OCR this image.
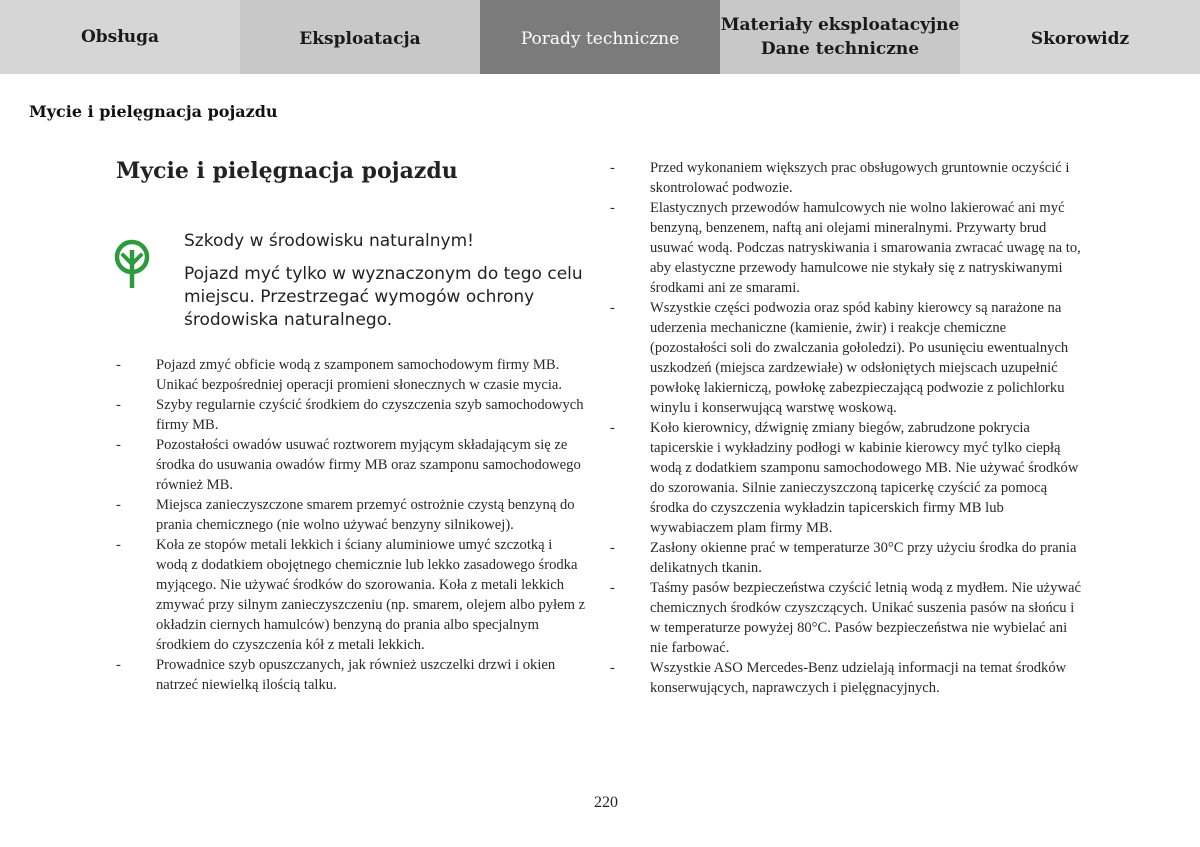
Obsługa	Eksploatacja	Porady techniczne
Materiały eksploatacyjne
Dane techniczne	Skorowidz
Mycie i pielęgnacja pojazdu
Mycie i pielęgnacja pojazdu
Szkody w środowisku naturalnym!
Pojazd myć tylko w wyznaczonym do tego celu miejscu. Przestrzegać wymogów ochrony środowiska naturalnego.
-	Pojazd zmyć obficie wodą z szamponem samochodowym firmy MB. Unikać bezpośredniej operacji promieni słonecznych w czasie mycia.
-	Szyby regularnie czyścić środkiem do czyszczenia szyb samochodowych firmy MB.
-	Pozostałości owadów usuwać roztworem myjącym składającym się ze środka do usuwania owadów firmy MB oraz szamponu samochodowego również MB.
-	Miejsca zanieczyszczone smarem przemyć ostrożnie czystą benzyną do prania chemicznego (nie wolno używać benzyny silnikowej).
-	Koła ze stopów metali lekkich i ściany aluminiowe umyć szczotką i wodą z dodatkiem obojętnego chemicznie lub lekko zasadowego środka myjącego. Nie używać środków do szorowania. Koła z metali lekkich zmywać przy silnym zanieczyszczeniu (np. smarem, olejem albo pyłem z okładzin ciernych hamulców) benzyną do prania albo specjalnym środkiem do czyszczenia kół z metali lekkich.
-	Prowadnice szyb opuszczanych, jak również uszczelki drzwi i okien natrzeć niewielką ilością talku.
-	Przed wykonaniem większych prac obsługowych gruntownie oczyścić i skontrolować podwozie.
-	Elastycznych przewodów hamulcowych nie wolno lakierować ani myć benzyną, benzenem, naftą ani olejami mineralnymi. Przywarty brud usuwać wodą. Podczas natryskiwania i smarowania zwracać uwagę na to, aby elastyczne przewody hamulcowe nie stykały się z natryskiwanymi środkami ani ze smarami.
-	Wszystkie części podwozia oraz spód kabiny kierowcy są narażone na uderzenia mechaniczne (kamienie, żwir) i reakcje chemiczne (pozostałości soli do zwalczania gołoledzi). Po usunięciu ewentualnych uszkodzeń (miejsca zardzewiałe) w odsłoniętych miejscach uzupełnić powłokę lakierniczą, powłokę zabezpieczającą podwozie z polichlorku winylu i konserwującą warstwę woskową.
-	Koło kierownicy, dźwignię zmiany biegów, zabrudzone pokrycia tapicerskie i wykładziny podłogi w kabinie kierowcy myć tylko ciepłą wodą z dodatkiem szamponu samochodowego MB. Nie używać środków do szorowania. Silnie zanieczyszczoną tapicerkę czyścić za pomocą środka do czyszczenia wykładzin tapicerskich firmy MB lub wywabiaczem plam firmy MB.
-	Zasłony okienne prać w temperaturze 30°C przy użyciu środka do prania delikatnych tkanin.
-	Taśmy pasów bezpieczeństwa czyścić letnią wodą z mydłem. Nie używać chemicznych środków czyszczących. Unikać suszenia pasów na słońcu i w temperaturze powyżej 80°C. Pasów bezpieczeństwa nie wybielać ani nie farbować.
-	Wszystkie ASO Mercedes-Benz udzielają informacji na temat środków konserwujących, naprawczych i pielęgnacyjnych.
220
